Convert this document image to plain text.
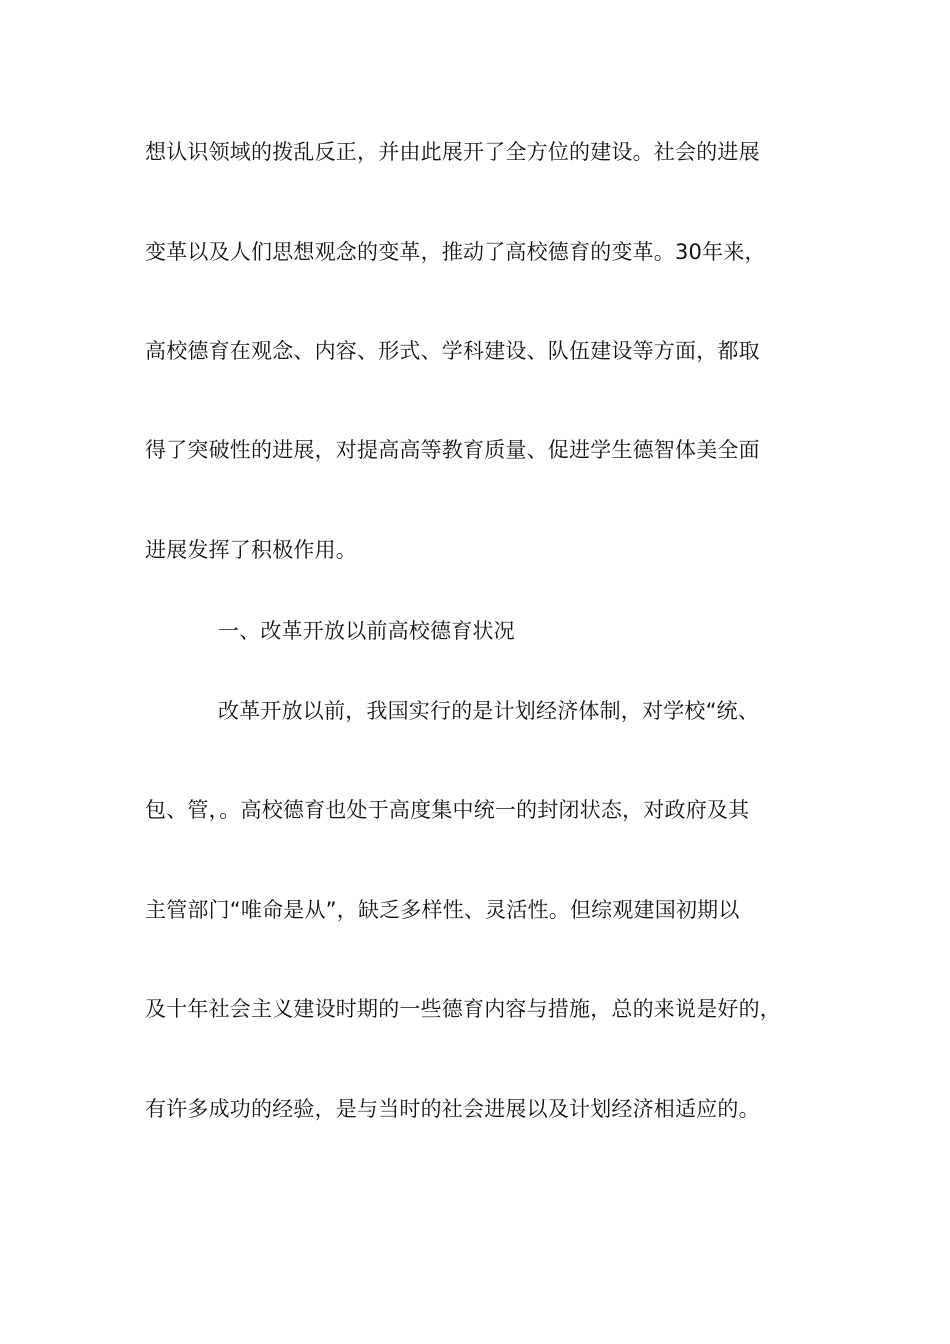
想认识领域的拨乱反正，并由此展开了全方位的建设。社会的进展
变革以及人们思想观念的变革，推动了高校德育的变革。30年来，
高校德育在观念、内容、形式、学科建设、队伍建设等方面，都取
得了突破性的进展，对提高高等教育质量、促进学生德智体美全面
进展发挥了积极作用。
一、改革开放以前高校德育状况
改革开放以前，我国实行的是计划经济体制，对学校“统、
包、管，。高校德育也处于高度集中统一的封闭状态，对政府及其
主管部门“唯命是从”，缺乏多样性、灵活性。但综观建国初期以
及十年社会主义建设时期的一些德育内容与措施，总的来说是好的，
有许多成功的经验，是与当时的社会进展以及计划经济相适应的。
